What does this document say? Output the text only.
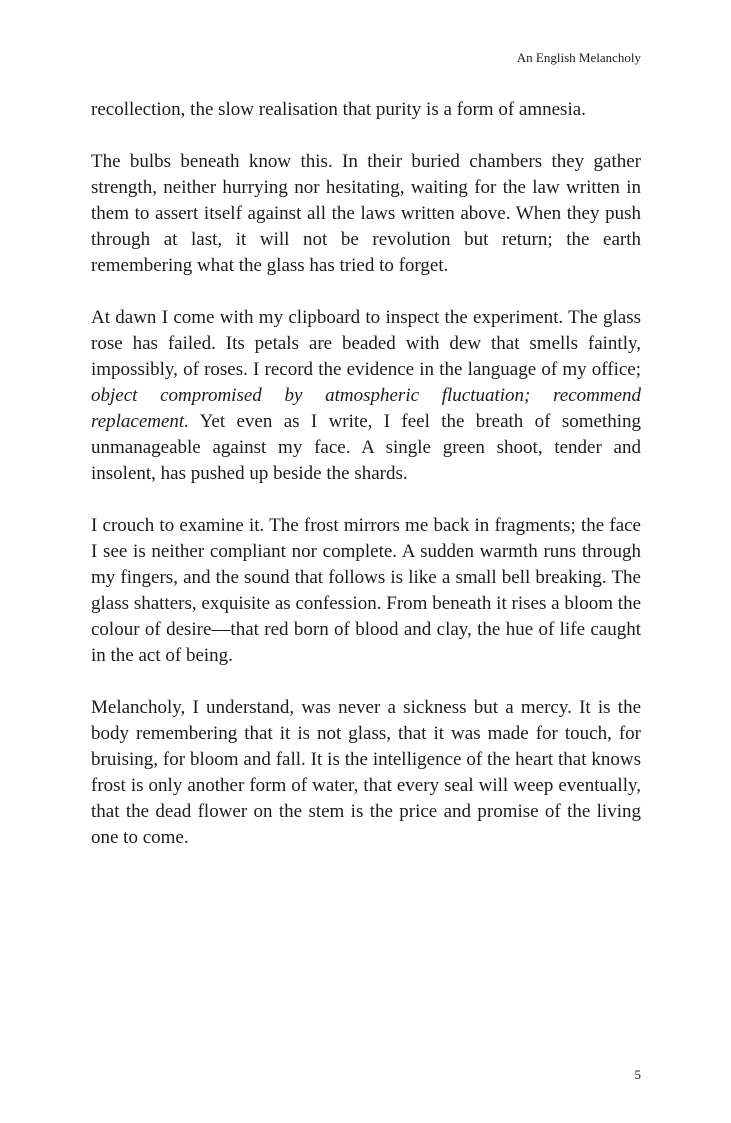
An English Melancholy

recollection, the slow realisation that purity is a form of amnesia.

The bulbs beneath know this. In their buried chambers they gather strength, neither hurrying nor hesitating, waiting for the law written in them to assert itself against all the laws written above. When they push through at last, it will not be revolution but return; the earth remembering what the glass has tried to forget.

At dawn I come with my clipboard to inspect the experiment. The glass rose has failed. Its petals are beaded with dew that smells faintly, impossibly, of roses. I record the evidence in the language of my office; object compromised by atmospheric fluctuation; recommend replacement. Yet even as I write, I feel the breath of something unmanageable against my face. A single green shoot, tender and insolent, has pushed up beside the shards.

I crouch to examine it. The frost mirrors me back in fragments; the face I see is neither compliant nor complete. A sudden warmth runs through my fingers, and the sound that follows is like a small bell breaking. The glass shatters, exquisite as confession. From beneath it rises a bloom the colour of desire—that red born of blood and clay, the hue of life caught in the act of being.

Melancholy, I understand, was never a sickness but a mercy. It is the body remembering that it is not glass, that it was made for touch, for bruising, for bloom and fall. It is the intelligence of the heart that knows frost is only another form of water, that every seal will weep eventually, that the dead flower on the stem is the price and promise of the living one to come.

5
